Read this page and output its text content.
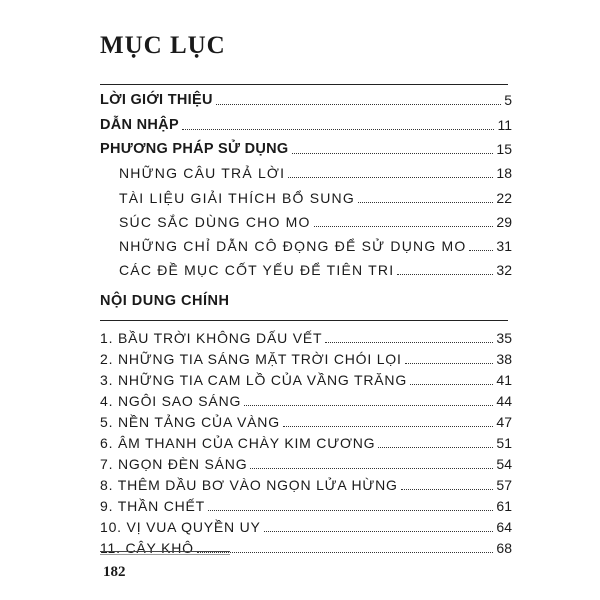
MỤC LỤC
LỜI GIỚI THIỆU	5
DẪN NHẬP	11
PHƯƠNG PHÁP SỬ DỤNG	15
NHỮNG CÂU TRẢ LỜI	18
TÀI LIỆU GIẢI THÍCH BỔ SUNG	22
SÚC SẮC DÙNG CHO MO	29
NHỮNG CHỈ DẪN CÔ ĐỌNG ĐỂ SỬ DỤNG MO 31
CÁC ĐỀ MỤC CỐT YẾU ĐỂ TIÊN TRI	32
NỘI DUNG CHÍNH
1. BẦU TRỜI KHÔNG DẤU VẾT	35
2. NHỮNG TIA SÁNG MẶT TRỜI CHÓI LỌI	38
3. NHỮNG TIA CAM LỒ CỦA VẦNG TRĂNG	41
4. NGÔI SAO SÁNG	44
5. NỀN TẢNG CỦA VÀNG	47
6. ÂM THANH CỦA CHÀY KIM CƯƠNG	51
7. NGỌN ĐÈN SÁNG	54
8. THÊM DẦU BƠ VÀO NGỌN LỬA HỪNG	57
9. THẦN CHẾT	61
10. VỊ VUA QUYỀN UY	64
11. CÂY KHÔ	68
182
